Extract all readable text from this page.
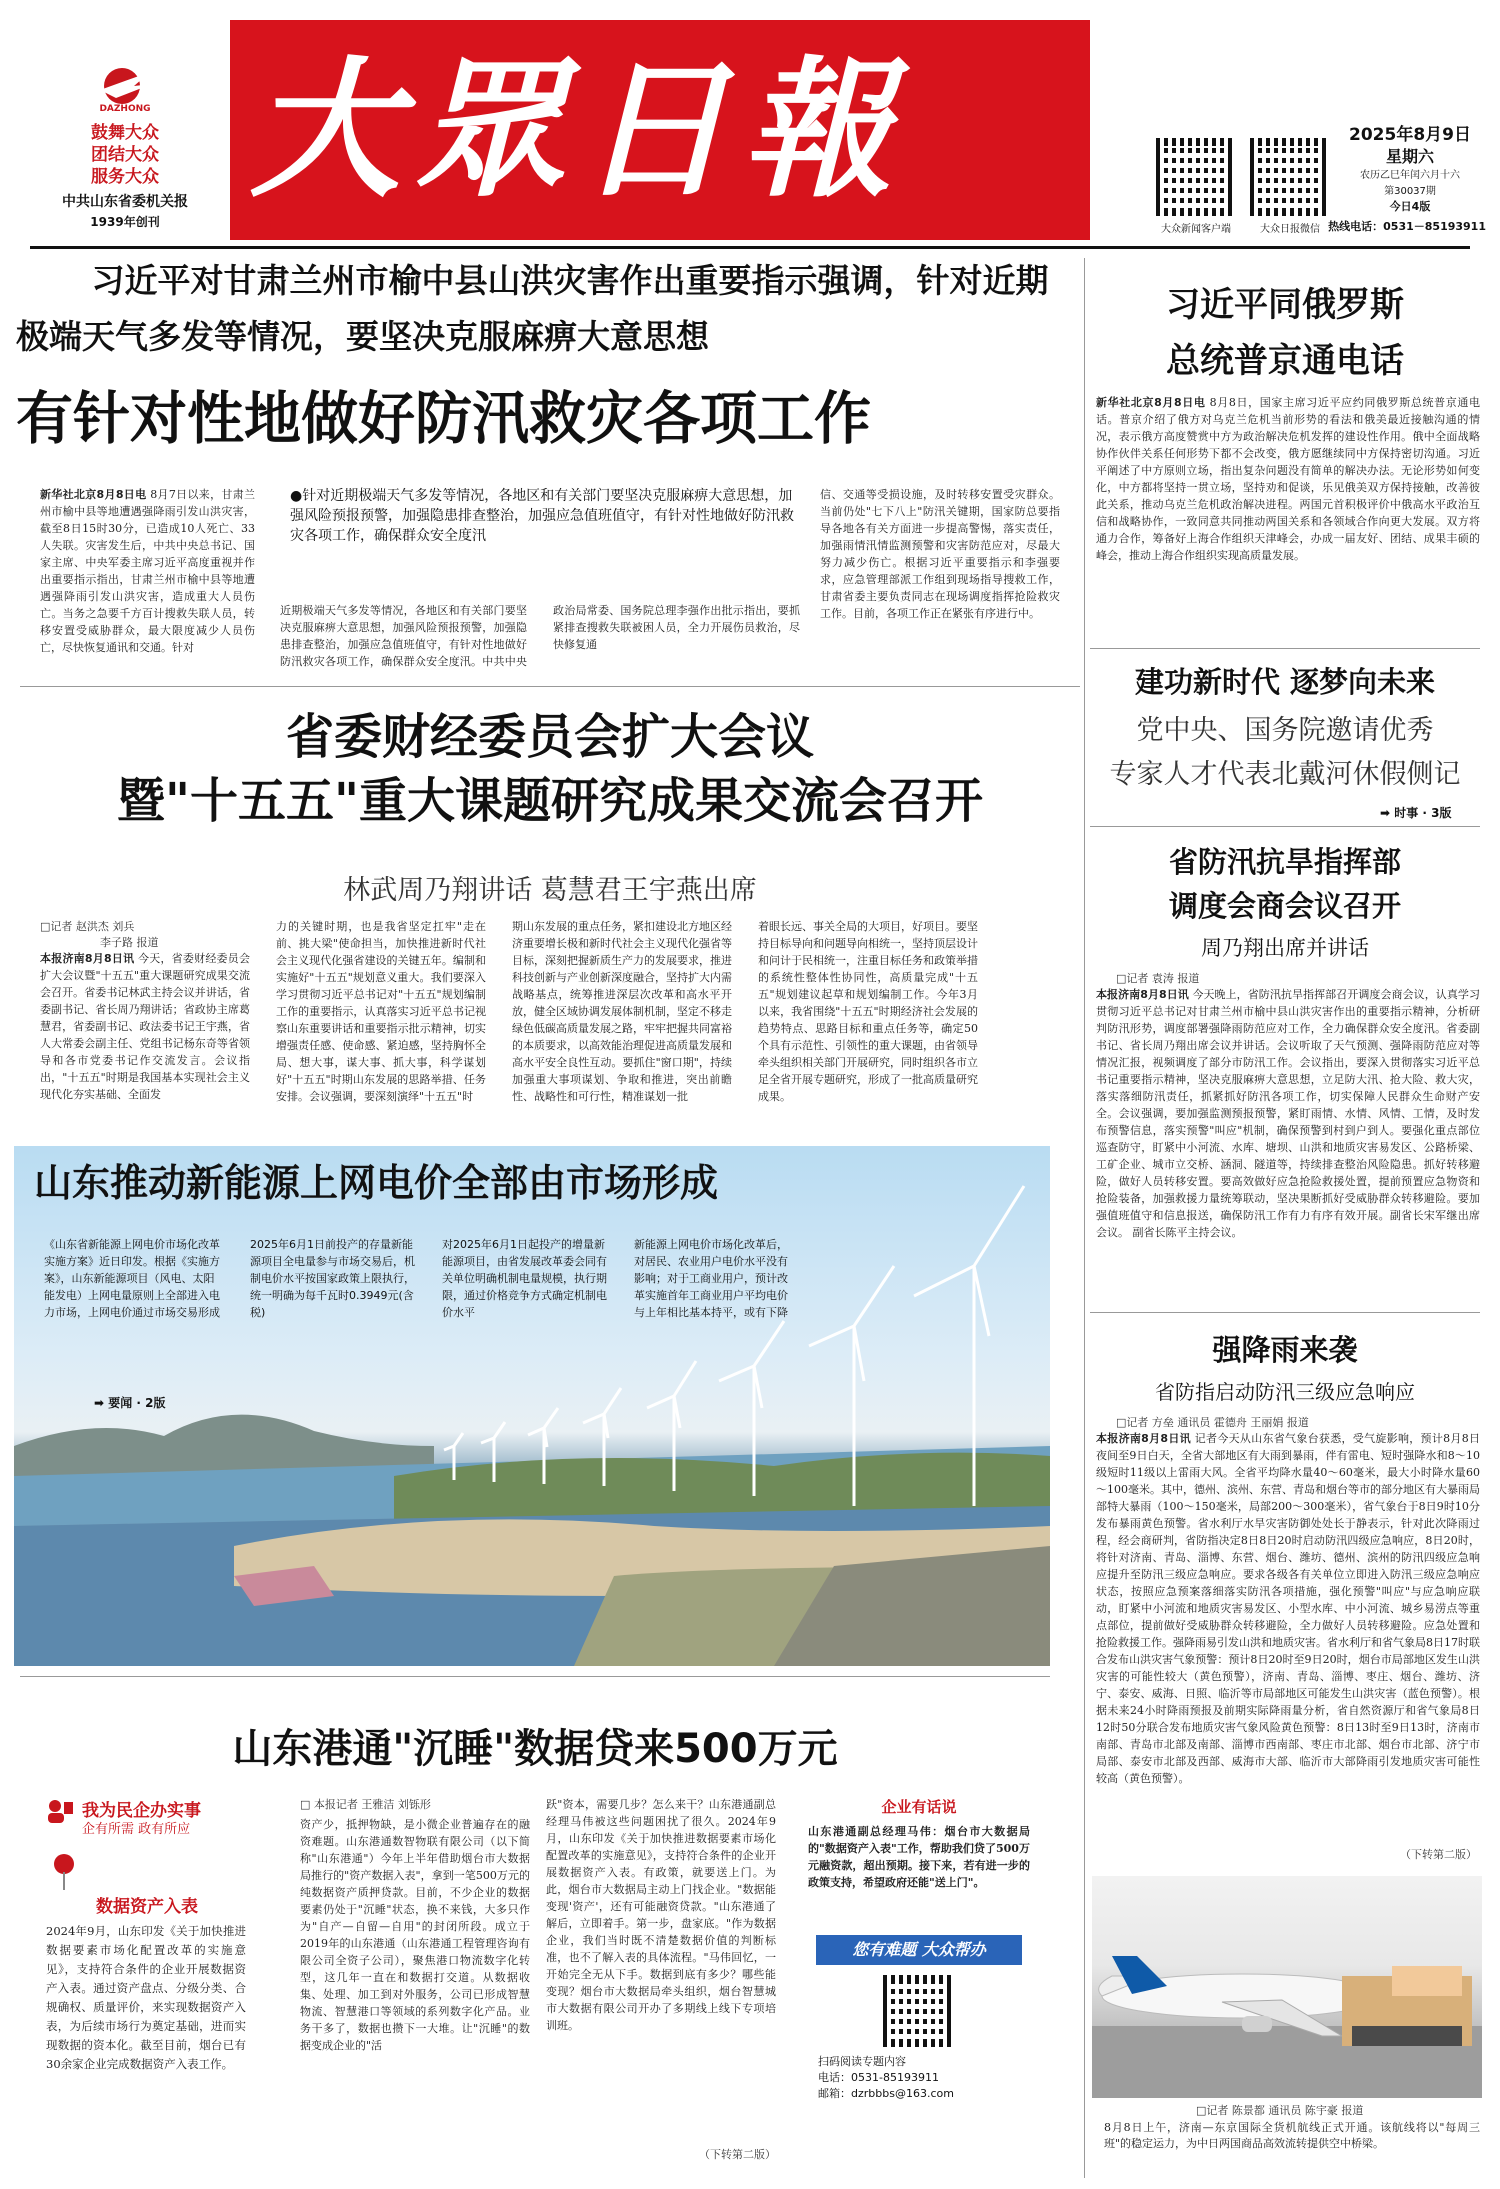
DAZHONG
鼓舞大众
团结大众
服务大众
中共山东省委机关报
1939年创刊
大眾日報
大众新闻客户端	大众日报微信
2025年8月9日
星期六
农历乙巳年闰六月十六
第30037期
今日4版
热线电话：0531－85193911
习近平对甘肃兰州市榆中县山洪灾害作出重要指示强调，针对近期
极端天气多发等情况，要坚决克服麻痹大意思想
有针对性地做好防汛救灾各项工作
新华社北京8月8日电 8月7日以来，甘肃兰州市榆中县等地遭遇强降雨引发山洪灾害，截至8日15时30分，已造成10人死亡、33人失联。灾害发生后，中共中央总书记、国家主席、中央军委主席习近平高度重视并作出重要指示指出，甘肃兰州市榆中县等地遭遇强降雨引发山洪灾害，造成重大人员伤亡。当务之急要千方百计搜救失联人员，转移安置受威胁群众，最大限度减少人员伤亡，尽快恢复通讯和交通。针对
●针对近期极端天气多发等情况，各地区和有关部门要坚决克服麻痹大意思想，加强风险预报预警，加强隐患排查整治，加强应急值班值守，有针对性地做好防汛救灾各项工作，确保群众安全度汛
近期极端天气多发等情况，各地区和有关部门要坚决克服麻痹大意思想，加强风险预报预警，加强隐患排查整治，加强应急值班值守，有针对性地做好防汛救灾各项工作，确保群众安全度汛。中共中央政治局常委、国务院总理李强作出批示指出，要抓紧排查搜救失联被困人员，全力开展伤员救治，尽快修复通
信、交通等受损设施，及时转移安置受灾群众。当前仍处"七下八上"防汛关键期，国家防总要指导各地各有关方面进一步提高警惕，落实责任，加强雨情汛情监测预警和灾害防范应对，尽最大努力减少伤亡。根据习近平重要指示和李强要求，应急管理部派工作组到现场指导搜救工作，甘肃省委主要负责同志在现场调度指挥抢险救灾工作。目前，各项工作正在紧张有序进行中。
省委财经委员会扩大会议
暨"十五五"重大课题研究成果交流会召开
林武周乃翔讲话 葛慧君王宇燕出席
□记者 赵洪杰 刘兵
李子路 报道
本报济南8月8日讯 今天，省委财经委员会扩大会议暨"十五五"重大课题研究成果交流会召开。省委书记林武主持会议并讲话，省委副书记、省长周乃翔讲话；省政协主席葛慧君，省委副书记、政法委书记王宇燕，省人大常委会副主任、党组书记杨东奇等省领导和各市党委书记作交流发言。会议指出，"十五五"时期是我国基本实现社会主义现代化夯实基础、全面发
力的关键时期，也是我省坚定扛牢"走在前、挑大梁"使命担当，加快推进新时代社会主义现代化强省建设的关键五年。编制和实施好"十五五"规划意义重大。我们要深入学习贯彻习近平总书记对"十五五"规划编制工作的重要指示，认真落实习近平总书记视察山东重要讲话和重要指示批示精神，切实增强责任感、使命感、紧迫感，坚持胸怀全局、想大事，谋大事、抓大事，科学谋划好"十五五"时期山东发展的思路举措、任务安排。会议强调，要深刻演绎"十五五"时
期山东发展的重点任务，紧扣建设北方地区经济重要增长极和新时代社会主义现代化强省等目标，深刻把握新质生产力的发展要求，推进科技创新与产业创新深度融合，坚持扩大内需战略基点，统筹推进深层次改革和高水平开放，健全区域协调发展体制机制，坚定不移走绿色低碳高质量发展之路，牢牢把握共同富裕的本质要求，以高效能治理促进高质量发展和高水平安全良性互动。要抓住"窗口期"，持续加强重大事项谋划、争取和推进，突出前瞻性、战略性和可行性，精准谋划一批
着眼长远、事关全局的大项目，好项目。要坚持目标导向和问题导向相统一，坚持顶层设计和问计于民相统一，注重目标任务和政策举措的系统性整体性协同性，高质量完成"十五五"规划建议起草和规划编制工作。今年3月以来，我省围绕"十五五"时期经济社会发展的趋势特点、思路目标和重点任务等，确定50个具有示范性、引领性的重大课题，由省领导牵头组织相关部门开展研究，同时组织各市立足全省开展专题研究，形成了一批高质量研究成果。
山东推动新能源上网电价全部由市场形成
《山东省新能源上网电价市场化改革实施方案》近日印发。根据《实施方案》，山东新能源项目（风电、太阳能发电）上网电量原则上全部进入电力市场，上网电价通过市场交易形成
2025年6月1日前投产的存量新能源项目全电量参与市场交易后，机制电价水平按国家政策上限执行，统一明确为每千瓦时0.3949元(含税)
对2025年6月1日起投产的增量新能源项目，由省发展改革委会同有关单位明确机制电量规模，执行期限，通过价格竞争方式确定机制电价水平
新能源上网电价市场化改革后，对居民、农业用户电价水平没有影响；对于工商业用户，预计改革实施首年工商业用户平均电价与上年相比基本持平，或有下降
➡ 要闻 · 2版
山东港通"沉睡"数据贷来500万元
我为民企办实事
企有所需 政有所应
数据资产入表
2024年9月，山东印发《关于加快推进数据要素市场化配置改革的实施意见》，支持符合条件的企业开展数据资产入表。通过资产盘点、分级分类、合规确权、质量评价，来实现数据资产入表，为后续市场行为奠定基础，进而实现数据的资本化。截至目前，烟台已有30余家企业完成数据资产入表工作。
□ 本报记者 王雅洁 刘铄形
资产少，抵押物缺，是小微企业普遍存在的融资难题。山东港通数智物联有限公司（以下简称"山东港通"）今年上半年借助烟台市大数据局推行的"资产数据入表"，拿到一笔500万元的纯数据资产质押贷款。目前，不少企业的数据要素仍处于"沉睡"状态，换不来钱，大多只作为"自产—自留—自用"的封闭所段。成立于2019年的山东港通（山东港通工程管理咨询有限公司全资子公司），聚焦港口物流数字化转型，这几年一直在和数据打交道。从数据收集、处理、加工到对外服务，公司已形成智慧物流、智慧港口等领域的系列数字化产品。业务干多了，数据也攒下一大堆。让"沉睡"的数据变成企业的"活
跃"资本，需要几步？怎么来干？山东港通副总经理马伟被这些问题困扰了很久。2024年9月，山东印发《关于加快推进数据要素市场化配置改革的实施意见》，支持符合条件的企业开展数据资产入表。有政策，就要送上门。为此，烟台市大数据局主动上门找企业。"数据能变现'资产'，还有可能融资贷款。"山东港通了解后，立即着手。第一步，盘家底。"作为数据企业，我们当时既不清楚数据价值的判断标准，也不了解入表的具体流程。"马伟回忆，一开始完全无从下手。数据到底有多少？哪些能变现？烟台市大数据局牵头组织，烟台智慧城市大数据有限公司开办了多期线上线下专项培训班。
（下转第二版）
企业有话说
山东港通副总经理马伟：烟台市大数据局的"数据资产入表"工作，帮助我们贷了500万元融资款，超出预期。接下来，若有进一步的政策支持，希望政府还能"送上门"。
您有难题 大众帮办
扫码阅读专题内容
电话：0531-85193911
邮箱：dzrbbbs@163.com
习近平同俄罗斯
总统普京通电话
新华社北京8月8日电 8月8日，国家主席习近平应约同俄罗斯总统普京通电话。普京介绍了俄方对乌克兰危机当前形势的看法和俄美最近接触沟通的情况，表示俄方高度赞赏中方为政治解决危机发挥的建设性作用。俄中全面战略协作伙伴关系任何形势下都不会改变，俄方愿继续同中方保持密切沟通。习近平阐述了中方原则立场，指出复杂问题没有简单的解决办法。无论形势如何变化，中方都将坚持一贯立场，坚持劝和促谈，乐见俄美双方保持接触，改善彼此关系，推动乌克兰危机政治解决进程。两国元首积极评价中俄高水平政治互信和战略协作，一致同意共同推动两国关系和各领域合作向更大发展。双方将通力合作，筹备好上海合作组织天津峰会，办成一届友好、团结、成果丰硕的峰会，推动上海合作组织实现高质量发展。
建功新时代 逐梦向未来
党中央、国务院邀请优秀
专家人才代表北戴河休假侧记
➡ 时事 · 3版
省防汛抗旱指挥部
调度会商会议召开
周乃翔出席并讲话
□记者 袁涛 报道
本报济南8月8日讯 今天晚上，省防汛抗旱指挥部召开调度会商会议，认真学习贯彻习近平总书记对甘肃兰州市榆中县山洪灾害作出的重要指示精神，分析研判防汛形势，调度部署强降雨防范应对工作，全力确保群众安全度汛。省委副书记、省长周乃翔出席会议并讲话。会议听取了天气预测、强降雨防范应对等情况汇报，视频调度了部分市防汛工作。会议指出，要深入贯彻落实习近平总书记重要指示精神，坚决克服麻痹大意思想，立足防大汛、抢大险、救大灾，落实落细防汛责任，抓紧抓好防汛各项工作，切实保障人民群众生命财产安全。会议强调，要加强监测预报预警，紧盯雨情、水情、风情、工情，及时发布预警信息，落实预警"叫应"机制，确保预警到村到户到人。要强化重点部位巡查防守，盯紧中小河流、水库、塘坝、山洪和地质灾害易发区、公路桥梁、工矿企业、城市立交桥、涵洞、隧道等，持续排查整治风险隐患。抓好转移避险，做好人员转移安置。要高效做好应急抢险救援处置，提前预置应急物资和抢险装备，加强救援力量统筹联动，坚决果断抓好受威胁群众转移避险。要加强值班值守和信息报送，确保防汛工作有力有序有效开展。副省长宋军继出席会议。 副省长陈平主持会议。
强降雨来袭
省防指启动防汛三级应急响应
□记者 方垒 通讯员 霍德舟 王丽娟 报道
本报济南8月8日讯 记者今天从山东省气象台获悉，受气旋影响，预计8月8日夜间至9日白天，全省大部地区有大雨到暴雨，伴有雷电、短时强降水和8～10级短时11级以上雷雨大风。全省平均降水量40～60毫米，最大小时降水量60～100毫米。其中，德州、滨州、东营、青岛和烟台等市的部分地区有大暴雨局部特大暴雨（100～150毫米，局部200～300毫米），省气象台于8日9时10分发布暴雨黄色预警。省水利厅水旱灾害防御处处长于静表示，针对此次降雨过程，经会商研判，省防指决定8日8日20时启动防汛四级应急响应，8日20时，将针对济南、青岛、淄博、东营、烟台、潍坊、德州、滨州的防汛四级应急响应提升至防汛三级应急响应。要求各级各有关单位立即进入防汛三级应急响应状态，按照应急预案落细落实防汛各项措施，强化预警"叫应"与应急响应联动，盯紧中小河流和地质灾害易发区、小型水库、中小河流、城乡易涝点等重点部位，提前做好受威胁群众转移避险，全力做好人员转移避险。应急处置和抢险救援工作。强降雨易引发山洪和地质灾害。省水利厅和省气象局8日17时联合发布山洪灾害气象预警：预计8日20时至9日20时，烟台市局部地区发生山洪灾害的可能性较大（黄色预警），济南、青岛、淄博、枣庄、烟台、潍坊、济宁、泰安、威海、日照、临沂等市局部地区可能发生山洪灾害（蓝色预警）。根据未来24小时降雨预报及前期实际降雨量分析，省自然资源厅和省气象局8日12时50分联合发布地质灾害气象风险黄色预警：8日13时至9日13时，济南市南部、青岛市北部及南部、淄博市西南部、枣庄市北部、烟台市北部、济宁市局部、泰安市北部及西部、威海市大部、临沂市大部降雨引发地质灾害可能性较高（黄色预警）。
（下转第二版）
□记者 陈景都 通讯员 陈宇豪 报道
8月8日上午，济南—东京国际全货机航线正式开通。该航线将以"每周三班"的稳定运力，为中日两国商品高效流转提供空中桥梁。
